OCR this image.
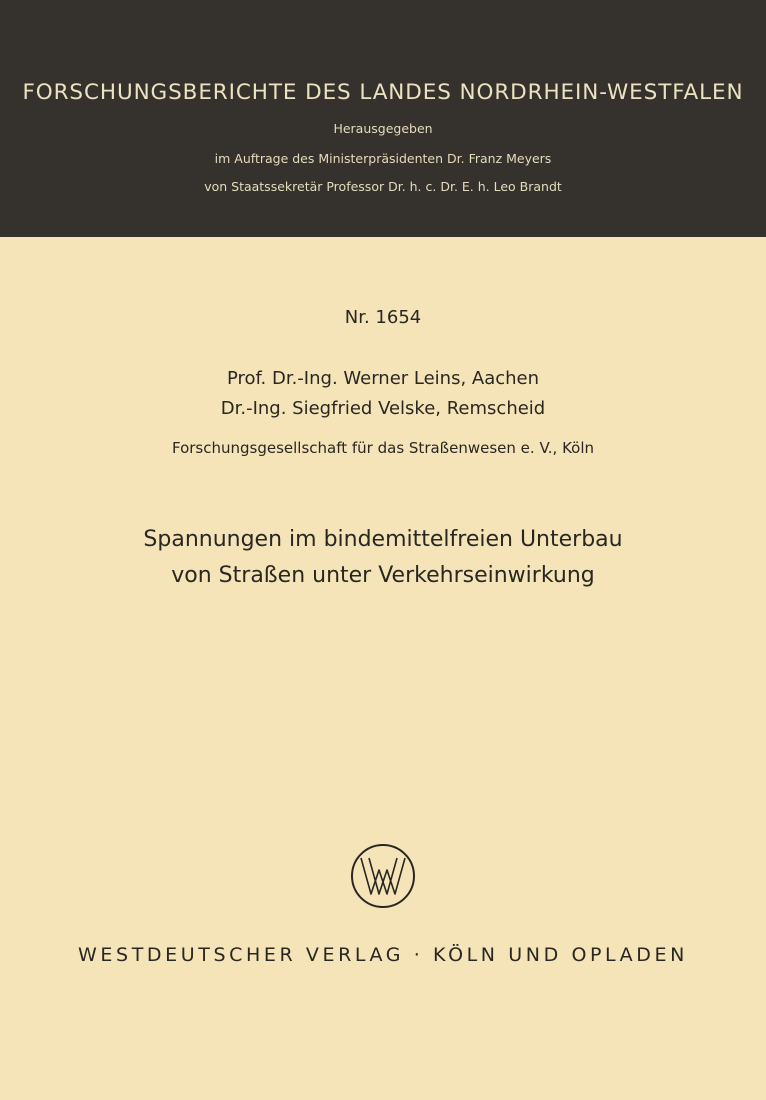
FORSCHUNGSBERICHTE DES LANDES NORDRHEIN-WESTFALEN
Herausgegeben
im Auftrage des Ministerpräsidenten Dr. Franz Meyers
von Staatssekretär Professor Dr. h. c. Dr. E. h. Leo Brandt
Nr. 1654
Prof. Dr.-Ing. Werner Leins, Aachen
Dr.-Ing. Siegfried Velske, Remscheid
Forschungsgesellschaft für das Straßenwesen e. V., Köln
Spannungen im bindemittelfreien Unterbau
von Straßen unter Verkehrseinwirkung
WESTDEUTSCHER VERLAG · KÖLN UND OPLADEN
